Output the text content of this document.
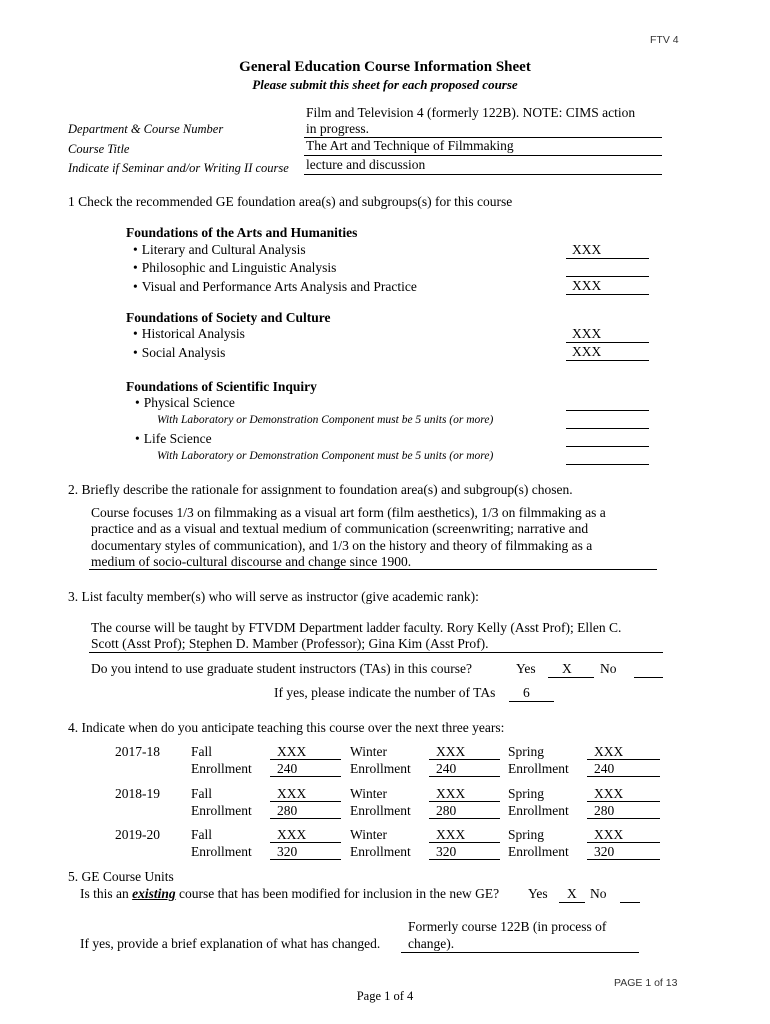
FTV 4
General Education Course Information Sheet
Please submit this sheet for each proposed course
Department & Course Number
Course Title
Indicate if Seminar and/or Writing II course
Film and Television 4 (formerly 122B). NOTE: CIMS action
in progress.
The Art and Technique of Filmmaking
lecture and discussion
1 Check the recommended GE foundation area(s) and subgroups(s) for this course
Foundations of the Arts and Humanities
• Literary and Cultural Analysis
• Philosophic and Linguistic Analysis
• Visual and Performance Arts Analysis and Practice
XXX
XXX
Foundations of Society and Culture
• Historical Analysis
• Social Analysis
XXX
XXX
Foundations of Scientific Inquiry
• Physical Science
With Laboratory or Demonstration Component must be 5 units (or more)
• Life Science
With Laboratory or Demonstration Component must be 5 units (or more)
2. Briefly describe the rationale for assignment to foundation area(s) and subgroup(s) chosen.
Course focuses 1/3 on filmmaking as a visual art form (film aesthetics), 1/3 on filmmaking as a
practice and as a visual and textual medium of communication (screenwriting; narrative and
documentary styles of communication), and 1/3 on the history and theory of filmmaking as a
medium of socio-cultural discourse and change since 1900.
3. List faculty member(s) who will serve as instructor (give academic rank):
The course will be taught by FTVDM Department ladder faculty. Rory Kelly (Asst Prof); Ellen C.
Scott (Asst Prof); Stephen D. Mamber (Professor); Gina Kim (Asst Prof).
Do you intend to use graduate student instructors (TAs) in this course?	Yes X No
If yes, please indicate the number of TAs 6
4. Indicate when do you anticipate teaching this course over the next three years:
2017-18 Fall
Enrollment
XXX
240
Winter
Enrollment
XXX
240
Spring
Enrollment
XXX
240
2018-19 Fall
Enrollment
XXX
280
Winter
Enrollment
XXX
280
Spring
Enrollment
XXX
280
2019-20 Fall
Enrollment
XXX
320
Winter
Enrollment
XXX
320
Spring
Enrollment
XXX
320
5. GE Course Units
Is this an existing course that has been modified for inclusion in the new GE? Yes X No
Formerly course 122B (in process of
If yes, provide a brief explanation of what has changed. change).
PAGE 1 of 13
Page 1 of 4
